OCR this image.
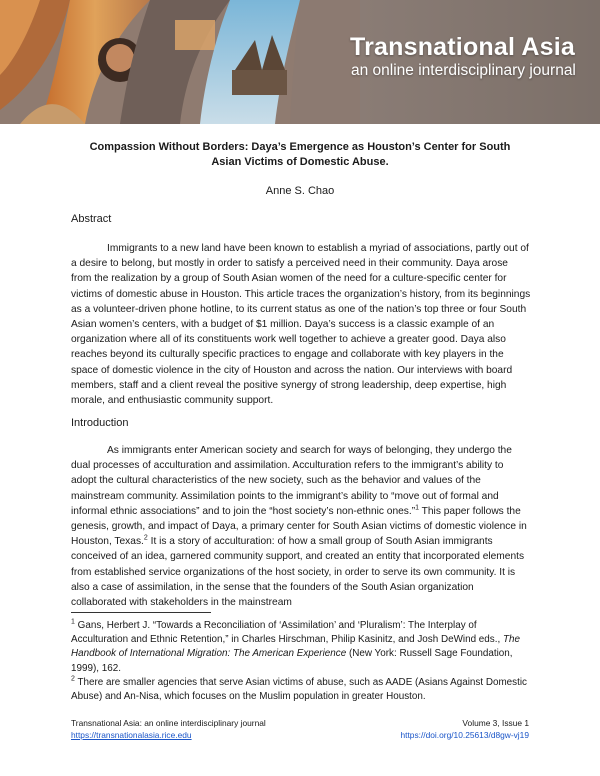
Transnational Asia
an online interdisciplinary journal
Compassion Without Borders: Daya’s Emergence as Houston’s Center for South Asian Victims of Domestic Abuse.
Anne S. Chao
Abstract
Immigrants to a new land have been known to establish a myriad of associations, partly out of a desire to belong, but mostly in order to satisfy a perceived need in their community. Daya arose from the realization by a group of South Asian women of the need for a culture-specific center for victims of domestic abuse in Houston. This article traces the organization’s history, from its beginnings as a volunteer-driven phone hotline, to its current status as one of the nation’s top three or four South Asian women’s centers, with a budget of $1 million. Daya’s success is a classic example of an organization where all of its constituents work well together to achieve a greater good. Daya also reaches beyond its culturally specific practices to engage and collaborate with key players in the space of domestic violence in the city of Houston and across the nation. Our interviews with board members, staff and a client reveal the positive synergy of strong leadership, deep expertise, high morale, and enthusiastic community support.
Introduction
As immigrants enter American society and search for ways of belonging, they undergo the dual processes of acculturation and assimilation. Acculturation refers to the immigrant’s ability to adopt the cultural characteristics of the new society, such as the behavior and values of the mainstream community. Assimilation points to the immigrant’s ability to “move out of formal and informal ethnic associations” and to join the “host society’s non-ethnic ones.”$^1$ This paper follows the genesis, growth, and impact of Daya, a primary center for South Asian victims of domestic violence in Houston, Texas.$^2$ It is a story of acculturation: of how a small group of South Asian immigrants conceived of an idea, garnered community support, and created an entity that incorporated elements from established service organizations of the host society, in order to serve its own community. It is also a case of assimilation, in the sense that the founders of the South Asian organization collaborated with stakeholders in the mainstream
$^1$ Gans, Herbert J. “Towards a Reconciliation of ‘Assimilation’ and ‘Pluralism’: The Interplay of Acculturation and Ethnic Retention,” in Charles Hirschman, Philip Kasinitz, and Josh DeWind eds., The Handbook of International Migration: The American Experience (New York: Russell Sage Foundation, 1999), 162.
$^2$ There are smaller agencies that serve Asian victims of abuse, such as AADE (Asians Against Domestic Abuse) and An-Nisa, which focuses on the Muslim population in greater Houston.
Transnational Asia: an online interdisciplinary journal
https://transnationalasia.rice.edu
Volume 3, Issue 1
https://doi.org/10.25613/d8gw-vj19
